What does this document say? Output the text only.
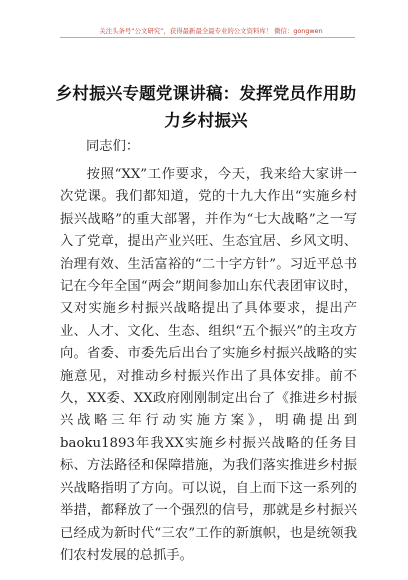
关注头条号“公文研究”，获得最新最全最专业的公文资料库！ 微信：gongwen
乡村振兴专题党课讲稿：发挥党员作用助力乡村振兴
同志们：
按照“XX”工作要求，今天，我来给大家讲一次党课。我们都知道，党的十九大作出“实施乡村振兴战略”的重大部署，并作为“七大战略”之一写入了党章，提出产业兴旺、生态宜居、乡风文明、治理有效、生活富裕的“二十字方针”。习近平总书记在今年全国“两会”期间参加山东代表团审议时，又对实施乡村振兴战略提出了具体要求，提出产业、人才、文化、生态、组织“五个振兴”的主攻方向。省委、市委先后出台了实施乡村振兴战略的实施意见，对推动乡村振兴作出了具体安排。前不久，XX委、XX政府刚刚制定出台了《推进乡村振兴战略三年行动实施方案》，明确提出到baoku1893年我XX实施乡村振兴战略的任务目标、方法路径和保障措施，为我们落实推进乡村振兴战略指明了方向。可以说，自上而下这一系列的举措，都释放了一个强烈的信号，那就是乡村振兴已经成为新时代“三农”工作的新旗帜，也是统领我们农村发展的总抓手。
